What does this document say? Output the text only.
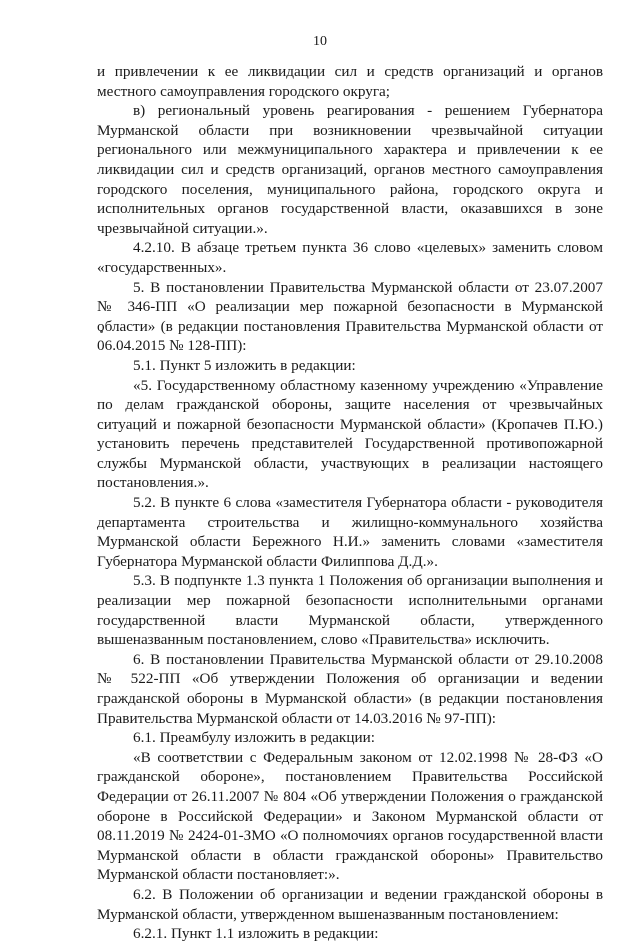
10

и привлечении к ее ликвидации сил и средств организаций и органов местного самоуправления городского округа;

в) региональный уровень реагирования - решением Губернатора Мурманской области при возникновении чрезвычайной ситуации регионального или межмуниципального характера и привлечении к ее ликвидации сил и средств организаций, органов местного самоуправления городского поселения, муниципального района, городского округа и исполнительных органов государственной власти, оказавшихся в зоне чрезвычайной ситуации.».

4.2.10. В абзаце третьем пункта 36 слово «целевых» заменить словом «государственных».

5. В постановлении Правительства Мурманской области от 23.07.2007 № 346-ПП «О реализации мер пожарной безопасности в Мурманской области» (в редакции постановления Правительства Мурманской области от 06.04.2015 № 128-ПП):

5.1. Пункт 5 изложить в редакции:

«5. Государственному областному казенному учреждению «Управление по делам гражданской обороны, защите населения от чрезвычайных ситуаций и пожарной безопасности Мурманской области» (Кропачев П.Ю.) установить перечень представителей Государственной противопожарной службы Мурманской области, участвующих в реализации настоящего постановления.».

5.2. В пункте 6 слова «заместителя Губернатора области - руководителя департамента строительства и жилищно-коммунального хозяйства Мурманской области Бережного Н.И.» заменить словами «заместителя Губернатора Мурманской области Филиппова Д.Д.».

5.3. В подпункте 1.3 пункта 1 Положения об организации выполнения и реализации мер пожарной безопасности исполнительными органами государственной власти Мурманской области, утвержденного вышеназванным постановлением, слово «Правительства» исключить.

6. В постановлении Правительства Мурманской области от 29.10.2008 № 522-ПП «Об утверждении Положения об организации и ведении гражданской обороны в Мурманской области» (в редакции постановления Правительства Мурманской области от 14.03.2016 № 97-ПП):

6.1. Преамбулу изложить в редакции:

«В соответствии с Федеральным законом от 12.02.1998 № 28-ФЗ «О гражданской обороне», постановлением Правительства Российской Федерации от 26.11.2007 № 804 «Об утверждении Положения о гражданской обороне в Российской Федерации» и Законом Мурманской области от 08.11.2019 № 2424-01-ЗМО «О полномочиях органов государственной власти Мурманской области в области гражданской обороны» Правительство Мурманской области постановляет:».

6.2. В Положении об организации и ведении гражданской обороны в Мурманской области, утвержденном вышеназванным постановлением:

6.2.1. Пункт 1.1 изложить в редакции:
